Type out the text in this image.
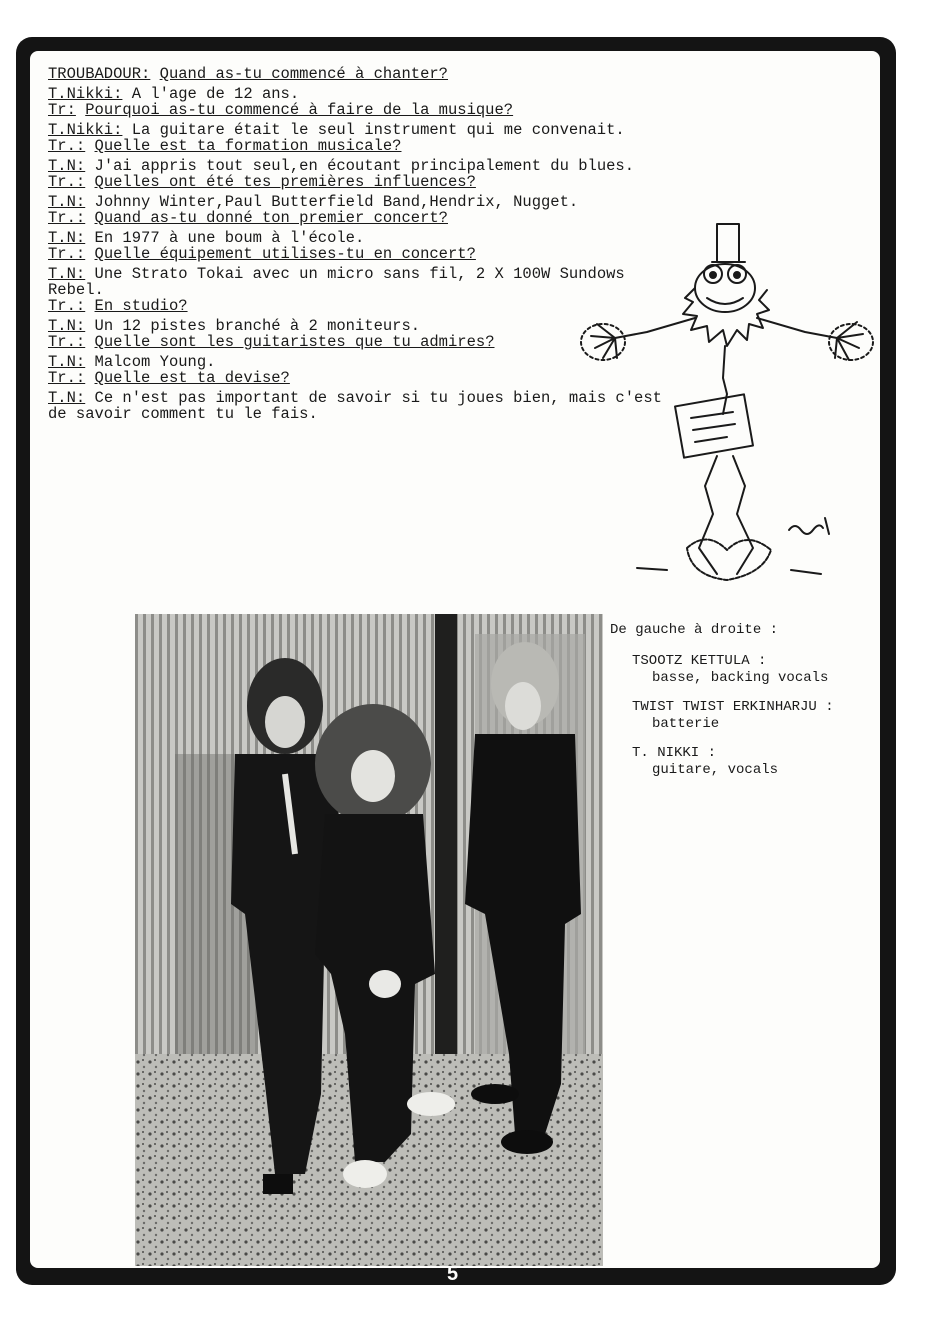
TROUBADOUR: Quand as-tu commencé à chanter?

T.Nikki: A l'age de 12 ans.

Tr: Pourquoi as-tu commencé à faire de la musique?

T.Nikki: La guitare était le seul instrument qui me convenait.

Tr.: Quelle est ta formation musicale?

T.N: J'ai appris tout seul,en écoutant principalement du blues.

Tr.: Quelles ont été tes premières influences?

T.N: Johnny Winter,Paul Butterfield Band,Hendrix, Nugget.

Tr.: Quand as-tu donné ton premier concert?

T.N: En 1977 à une boum à l'école.

Tr.: Quelle équipement utilises-tu en concert?

T.N: Une Strato Tokai avec un micro sans fil, 2 X 100W Sundows Rebel.

Tr.: En studio?

T.N: Un 12 pistes branché à 2 moniteurs.

Tr.: Quelle sont les guitaristes que tu admires?

T.N: Malcom Young.

Tr.: Quelle est ta devise?

T.N: Ce n'est pas important de savoir si tu joues bien, mais c'est de savoir comment tu le fais.

De gauche à droite :

TSOOTZ KETTULA :
basse, backing vocals
TWIST TWIST ERKINHARJU :
batterie
T. NIKKI :
guitare, vocals
5
